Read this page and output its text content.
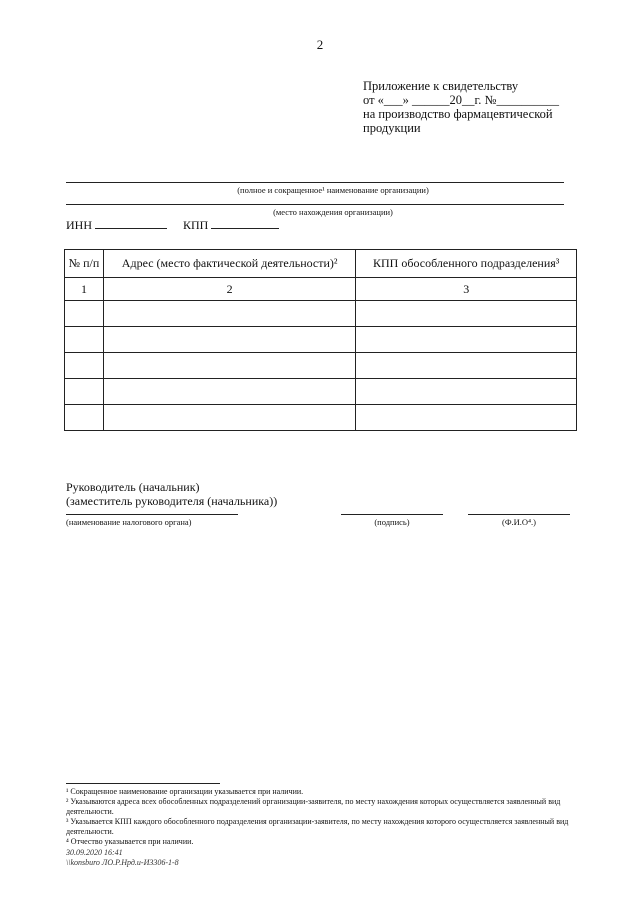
2
Приложение к свидетельству
от «___» ______20__г. №__________
на производство фармацевтической
продукции
(полное и сокращенное¹ наименование организации)
(место нахождения организации)
ИНН	КПП
№ п/п	Адрес (место фактической деятельности)²	КПП обособленного подразделения³
1	2	3

Руководитель (начальник)
(заместитель руководителя (начальника))
(наименование налогового органа)	(подпись)	(Ф.И.О⁴.)
¹ Сокращенное наименование организации указывается при наличии.
² Указываются адреса всех обособленных подразделений организации-заявителя, по месту нахождения которых осуществляется заявленный вид деятельности.
³ Указывается КПП каждого обособленного подразделения организации-заявителя, по месту нахождения которого осуществляется заявленный вид деятельности.
⁴ Отчество указывается при наличии.
30.09.2020 16:41
\\konsburo ЛО.Р.Нрд.и-ИЗ306-1-8
